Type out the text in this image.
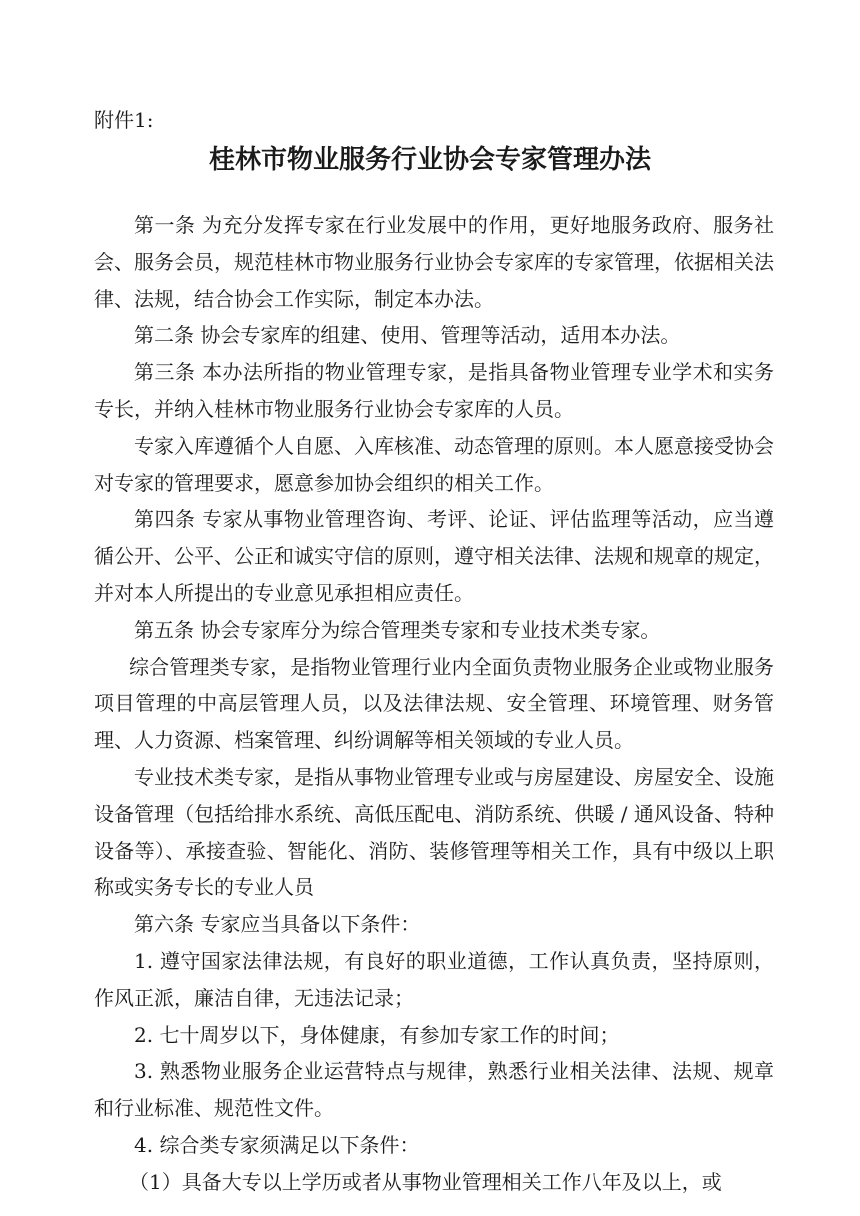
附件1:

桂林市物业服务行业协会专家管理办法

第一条 为充分发挥专家在行业发展中的作用，更好地服务政府、服务社会、服务会员，规范桂林市物业服务行业协会专家库的专家管理，依据相关法律、法规，结合协会工作实际，制定本办法。

第二条 协会专家库的组建、使用、管理等活动，适用本办法。

第三条 本办法所指的物业管理专家，是指具备物业管理专业学术和实务专长，并纳入桂林市物业服务行业协会专家库的人员。

专家入库遵循个人自愿、入库核准、动态管理的原则。本人愿意接受协会对专家的管理要求，愿意参加协会组织的相关工作。

第四条 专家从事物业管理咨询、考评、论证、评估监理等活动，应当遵循公开、公平、公正和诚实守信的原则，遵守相关法律、法规和规章的规定，并对本人所提出的专业意见承担相应责任。

第五条 协会专家库分为综合管理类专家和专业技术类专家。

综合管理类专家，是指物业管理行业内全面负责物业服务企业或物业服务项目管理的中高层管理人员，以及法律法规、安全管理、环境管理、财务管理、人力资源、档案管理、纠纷调解等相关领域的专业人员。

专业技术类专家，是指从事物业管理专业或与房屋建设、房屋安全、设施设备管理（包括给排水系统、高低压配电、消防系统、供暖 / 通风设备、特种设备等）、承接查验、智能化、消防、装修管理等相关工作，具有中级以上职称或实务专长的专业人员

第六条 专家应当具备以下条件：

1. 遵守国家法律法规，有良好的职业道德，工作认真负责，坚持原则，作风正派，廉洁自律，无违法记录；

2. 七十周岁以下，身体健康，有参加专家工作的时间；

3. 熟悉物业服务企业运营特点与规律，熟悉行业相关法律、法规、规章和行业标准、规范性文件。

4. 综合类专家须满足以下条件：

（1）具备大专以上学历或者从事物业管理相关工作八年及以上，或
